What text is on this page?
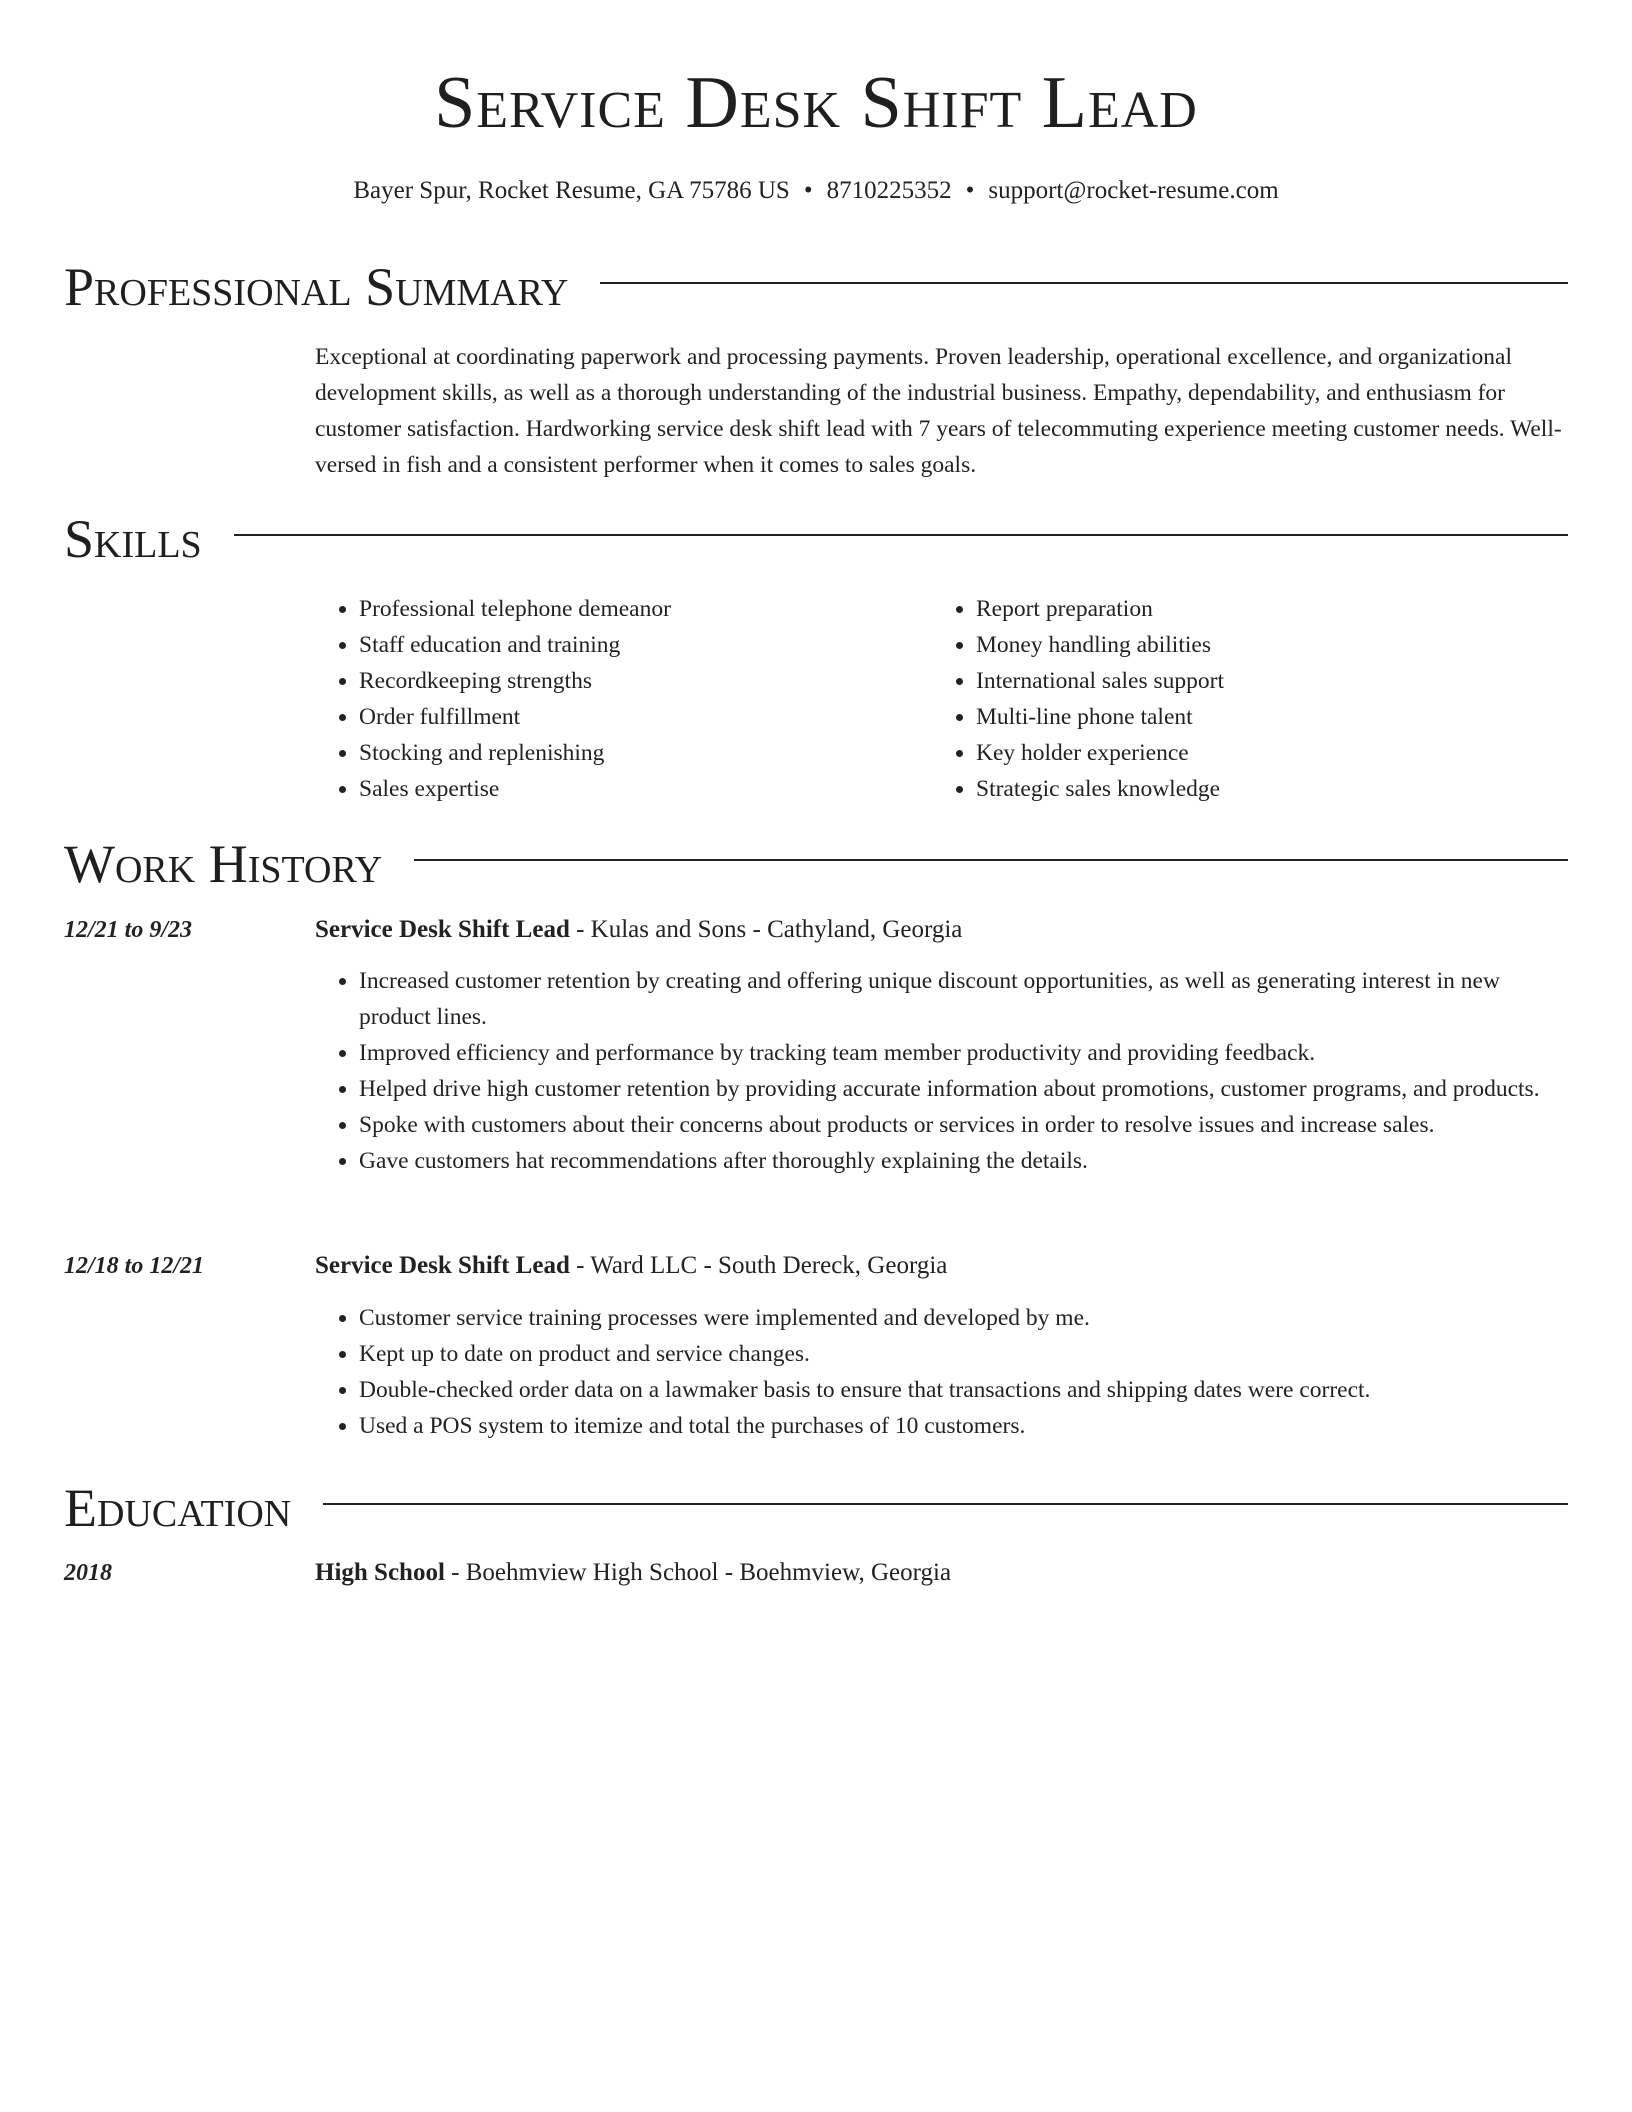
Service Desk Shift Lead
Bayer Spur, Rocket Resume, GA 75786 US • 8710225352 • support@rocket-resume.com
Professional Summary

Exceptional at coordinating paperwork and processing payments. Proven leadership, operational excellence, and organizational development skills, as well as a thorough understanding of the industrial business. Empathy, dependability, and enthusiasm for customer satisfaction. Hardworking service desk shift lead with 7 years of telecommuting experience meeting customer needs. Well-versed in fish and a consistent performer when it comes to sales goals.

Skills
• Professional telephone demeanor
• Staff education and training
• Recordkeeping strengths
• Order fulfillment
• Stocking and replenishing
• Sales expertise
• Report preparation
• Money handling abilities
• International sales support
• Multi-line phone talent
• Key holder experience
• Strategic sales knowledge
Work History
12/21 to 9/23	Service Desk Shift Lead - Kulas and Sons - Cathyland, Georgia
• Increased customer retention by creating and offering unique discount opportunities, as well as generating interest in new product lines.
• Improved efficiency and performance by tracking team member productivity and providing feedback.
• Helped drive high customer retention by providing accurate information about promotions, customer programs, and products.
• Spoke with customers about their concerns about products or services in order to resolve issues and increase sales.
• Gave customers hat recommendations after thoroughly explaining the details.
12/18 to 12/21	Service Desk Shift Lead - Ward LLC - South Dereck, Georgia
• Customer service training processes were implemented and developed by me.
• Kept up to date on product and service changes.
• Double-checked order data on a lawmaker basis to ensure that transactions and shipping dates were correct.
• Used a POS system to itemize and total the purchases of 10 customers.
Education
2018	High School - Boehmview High School - Boehmview, Georgia
